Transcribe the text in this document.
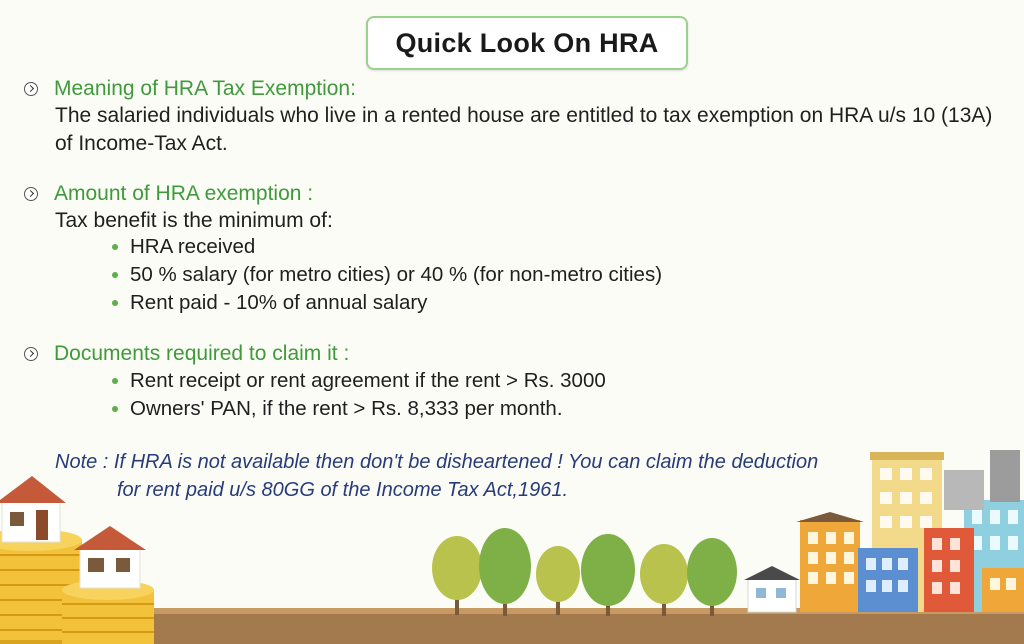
Quick Look On HRA
Meaning of HRA Tax Exemption:
The salaried individuals who live in a rented house are entitled to tax exemption on HRA u/s 10 (13A)
of Income-Tax Act.
Amount of HRA exemption :
Tax benefit is the minimum of:
HRA received
50 % salary (for metro cities) or 40 % (for non-metro cities)
Rent paid - 10% of annual salary
Documents required to claim it :
Rent receipt or rent agreement if the rent > Rs. 3000
Owners' PAN, if the rent > Rs. 8,333 per month.
Note : If HRA is not available then don't be disheartened ! You can claim the deduction
for rent paid u/s 80GG of the Income Tax Act,1961.
